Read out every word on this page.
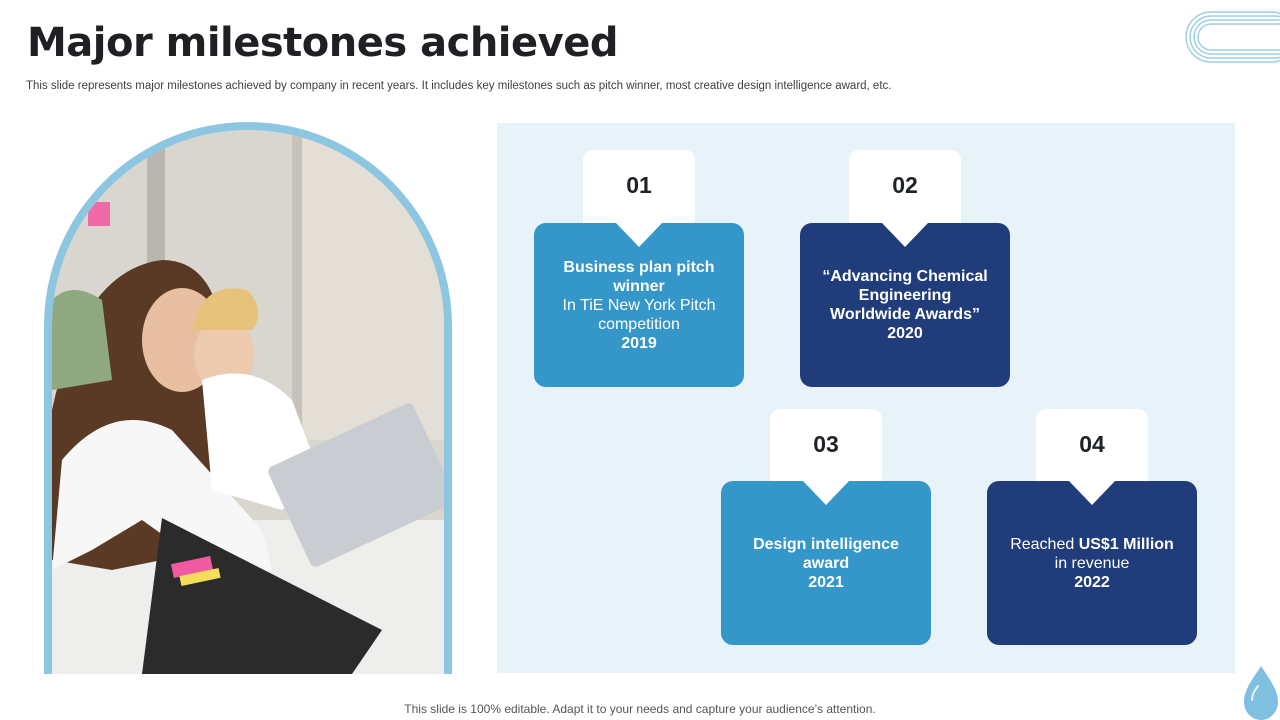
Major milestones achieved

This slide represents major milestones achieved by company in recent years. It includes key milestones such as pitch winner, most creative design intelligence award, etc.

01
Business plan pitch winner
In TiE New York Pitch competition
2019
02
“Advancing Chemical Engineering Worldwide Awards”
2020
03
Design intelligence award
2021
04
Reached US$1 Million in revenue
2022

This slide is 100% editable. Adapt it to your needs and capture your audience’s attention.
